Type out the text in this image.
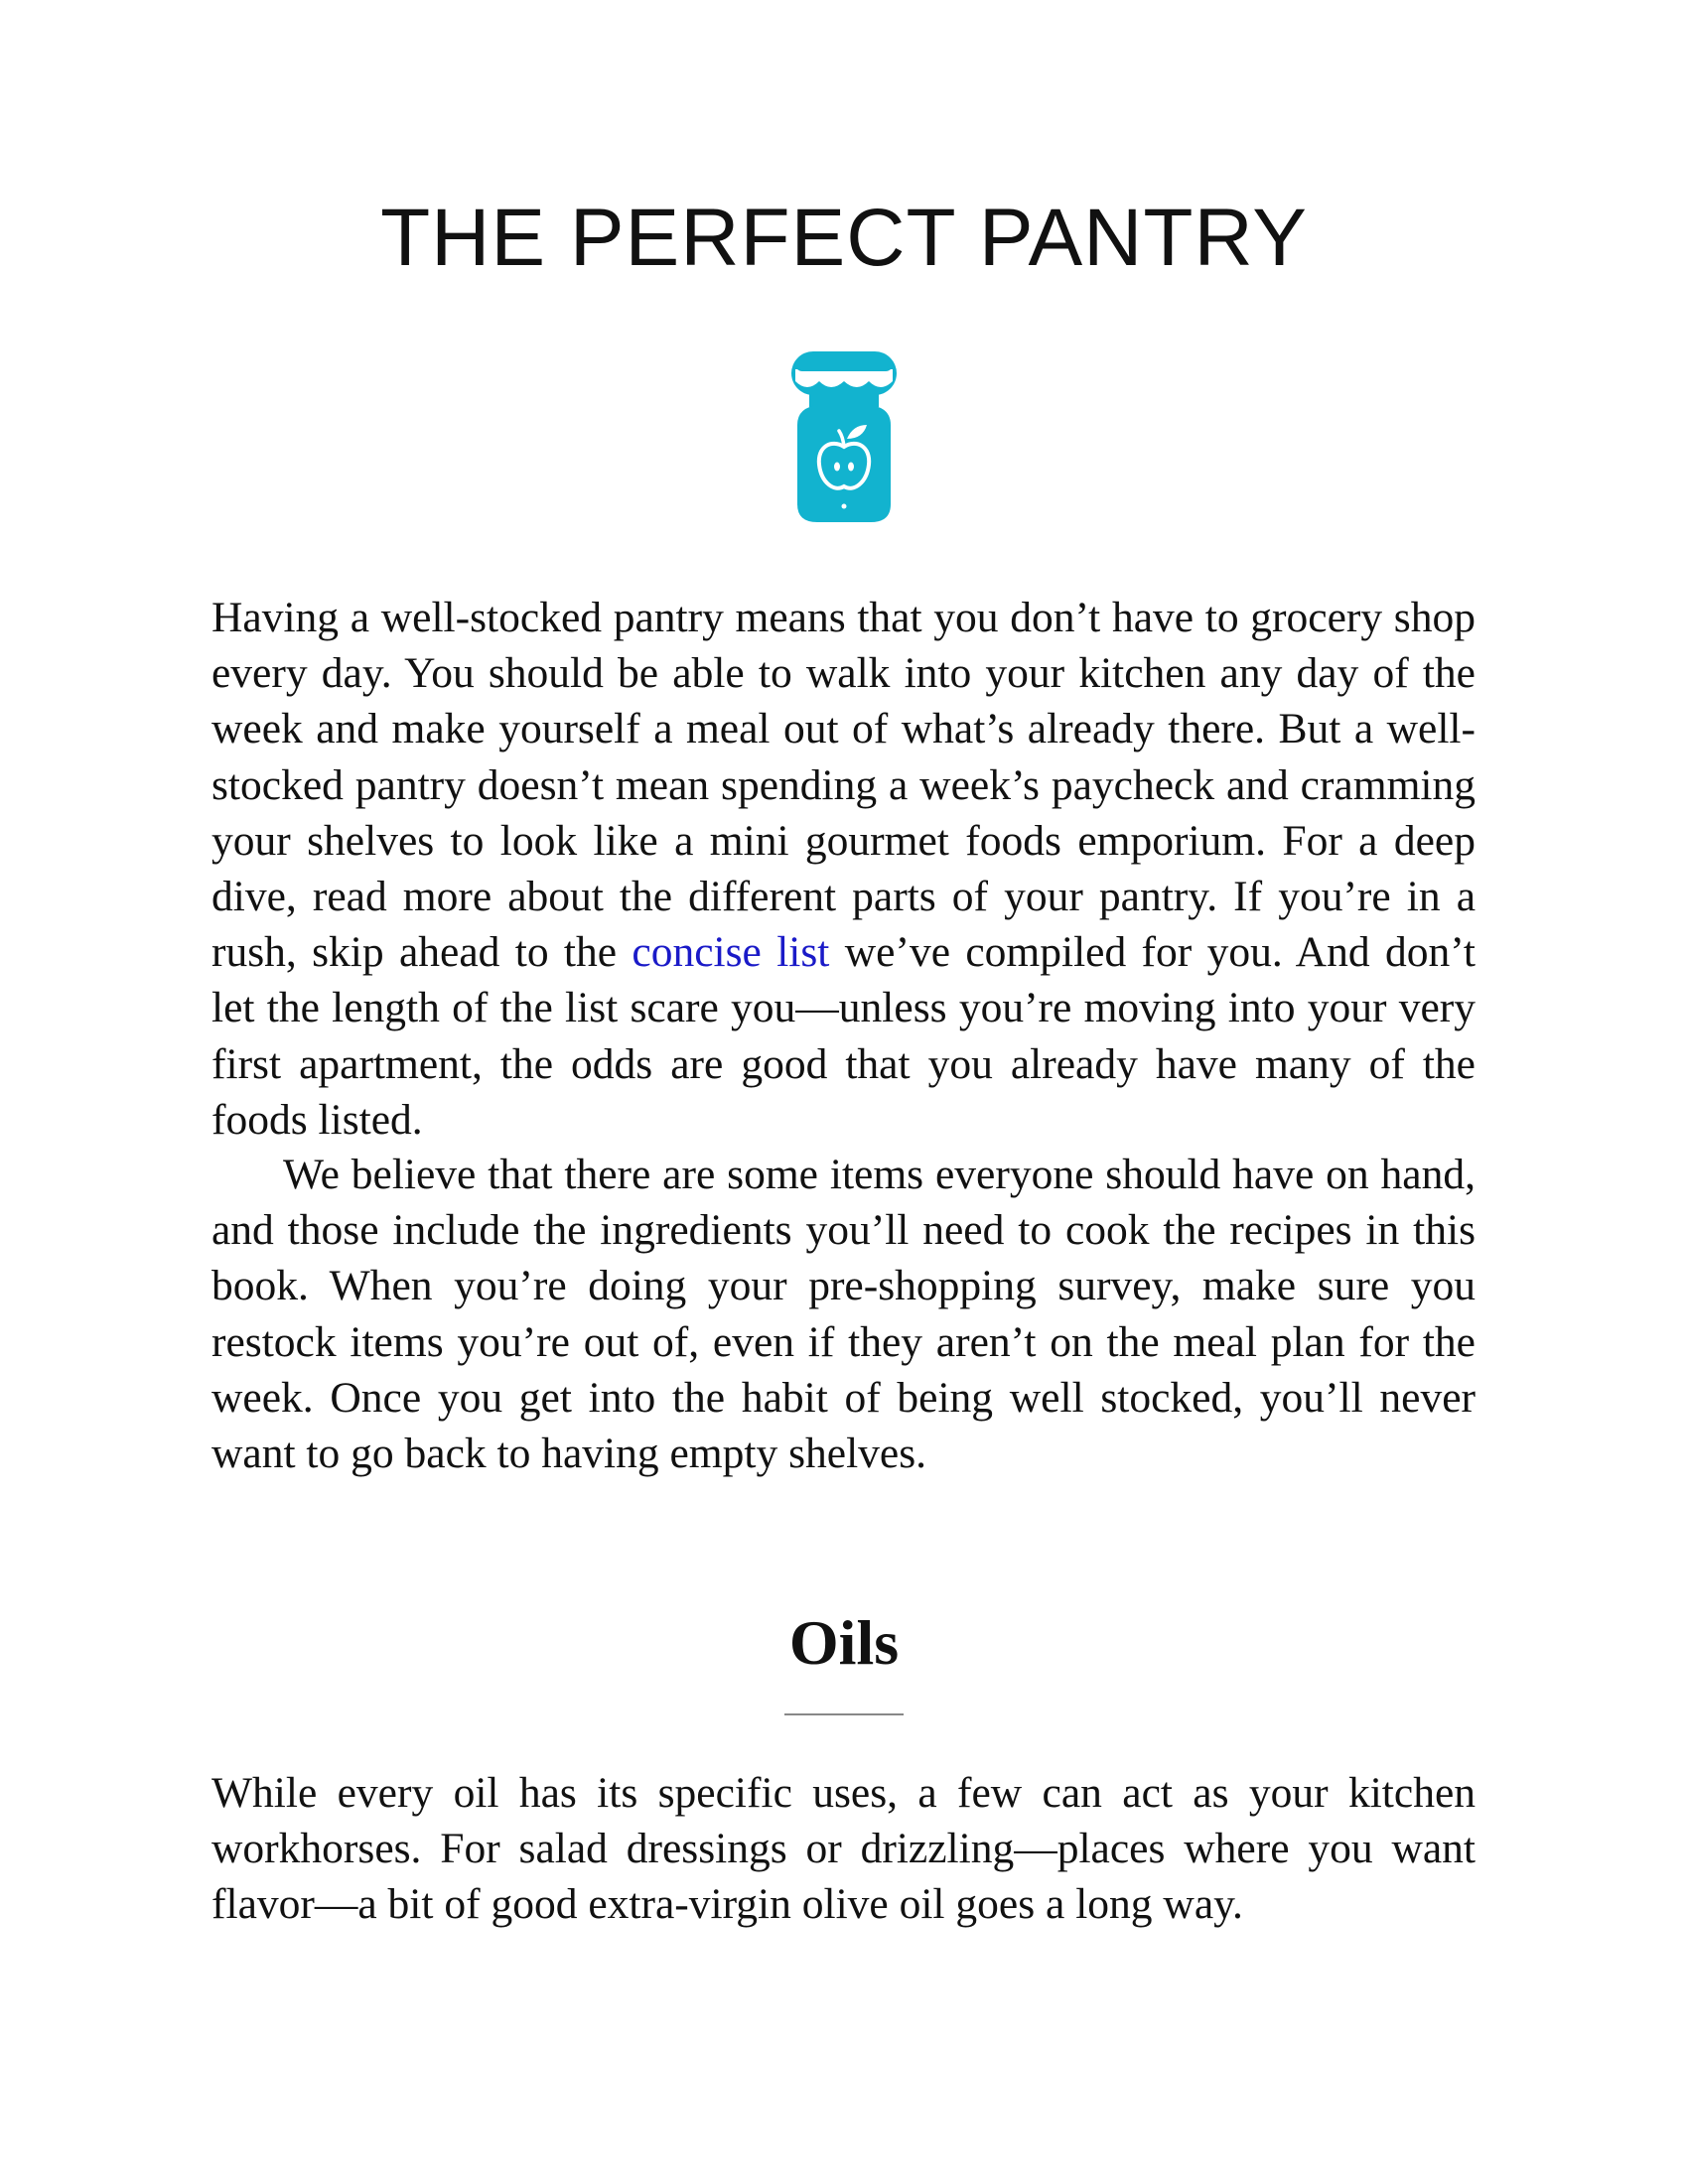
THE PERFECT PANTRY

Having a well-stocked pantry means that you don’t have to grocery shop every day. You should be able to walk into your kitchen any day of the week and make yourself a meal out of what’s already there. But a well-stocked pantry doesn’t mean spending a week’s paycheck and cramming your shelves to look like a mini gourmet foods emporium. For a deep dive, read more about the different parts of your pantry. If you’re in a rush, skip ahead to the concise list we’ve compiled for you. And don’t let the length of the list scare you—unless you’re moving into your very first apartment, the odds are good that you already have many of the foods listed.

We believe that there are some items everyone should have on hand, and those include the ingredients you’ll need to cook the recipes in this book. When you’re doing your pre-shopping survey, make sure you restock items you’re out of, even if they aren’t on the meal plan for the week. Once you get into the habit of being well stocked, you’ll never want to go back to having empty shelves.

Oils

While every oil has its specific uses, a few can act as your kitchen workhorses. For salad dressings or drizzling—places where you want flavor—a bit of good extra-virgin olive oil goes a long way.
